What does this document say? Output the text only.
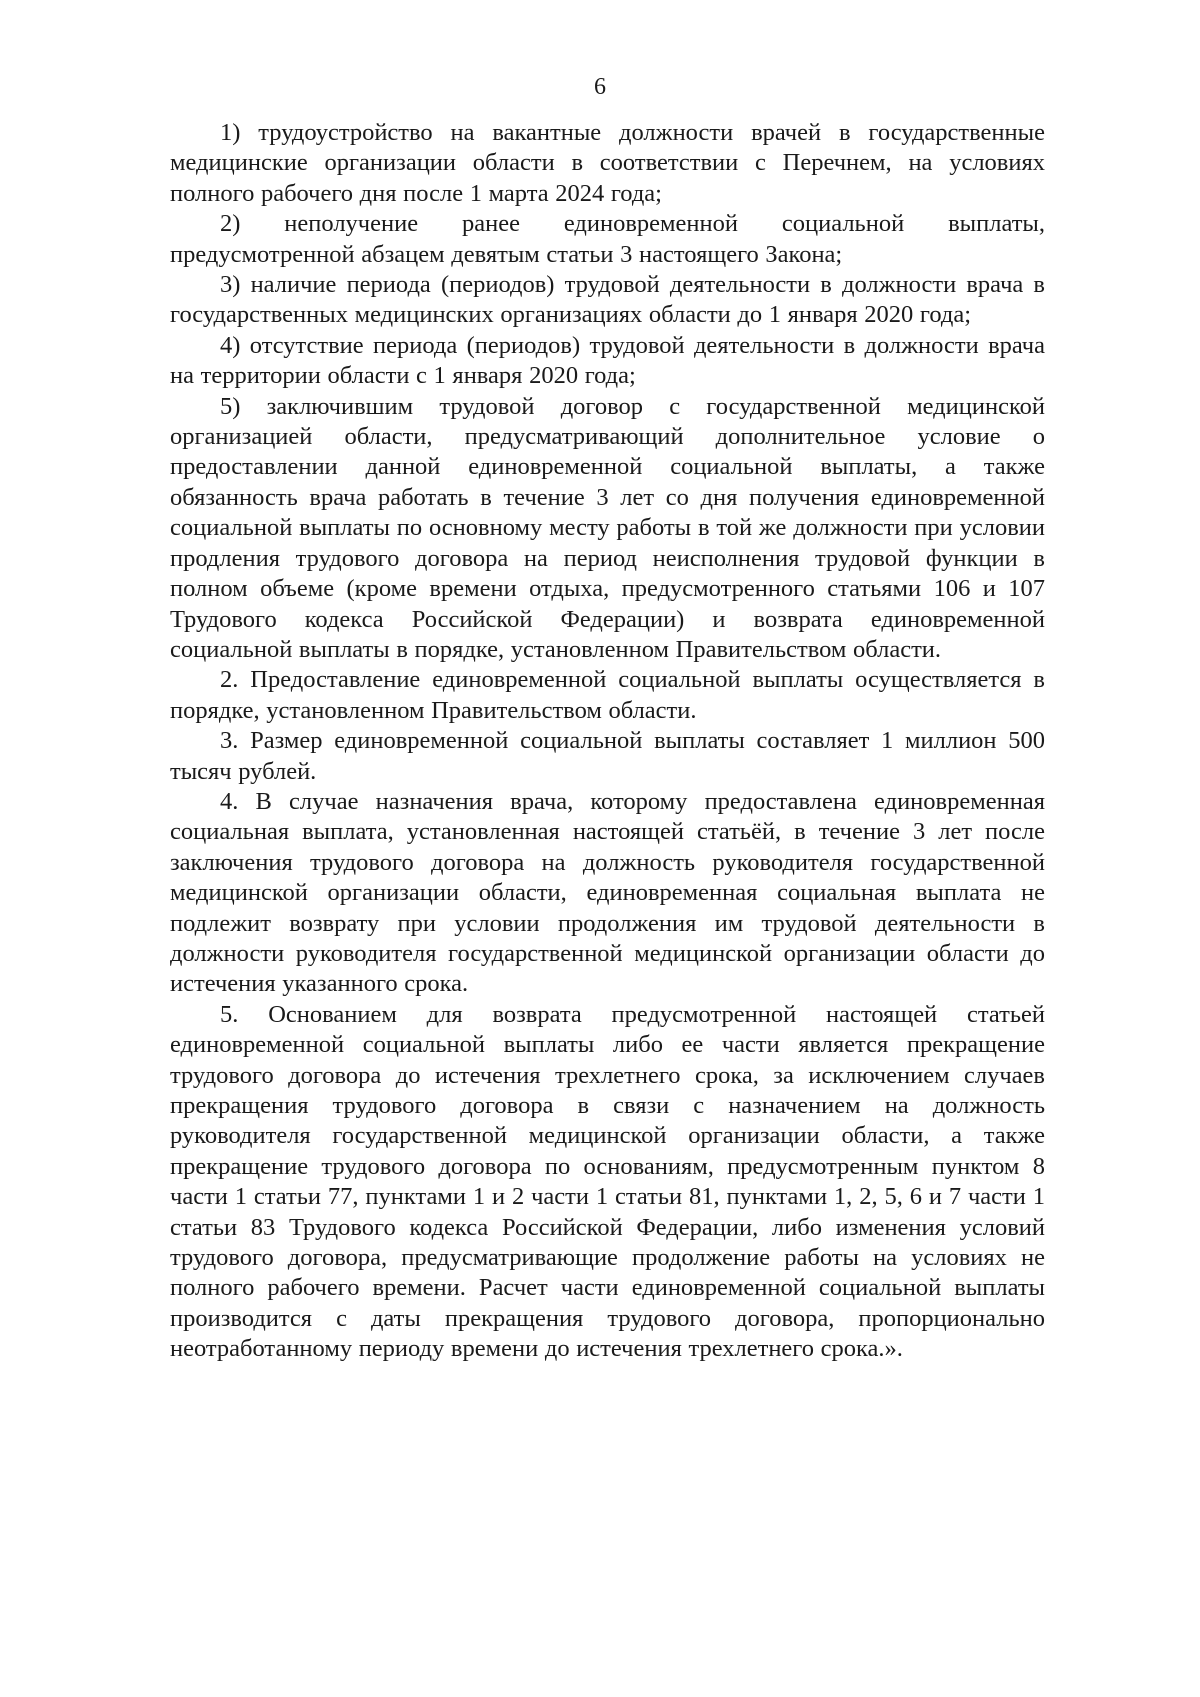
6

1) трудоустройство на вакантные должности врачей в государственные медицинские организации области в соответствии с Перечнем, на условиях полного рабочего дня после 1 марта 2024 года;

2) неполучение ранее единовременной социальной выплаты, предусмотренной абзацем девятым статьи 3 настоящего Закона;

3) наличие периода (периодов) трудовой деятельности в должности врача в государственных медицинских организациях области до 1 января 2020 года;

4) отсутствие периода (периодов) трудовой деятельности в должности врача на территории области с 1 января 2020 года;

5) заключившим трудовой договор с государственной медицинской организацией области, предусматривающий дополнительное условие о предоставлении данной единовременной социальной выплаты, а также обязанность врача работать в течение 3 лет со дня получения единовременной социальной выплаты по основному месту работы в той же должности при условии продления трудового договора на период неисполнения трудовой функции в полном объеме (кроме времени отдыха, предусмотренного статьями 106 и 107 Трудового кодекса Российской Федерации) и возврата единовременной социальной выплаты в порядке, установленном Правительством области.

2. Предоставление единовременной социальной выплаты осуществляется в порядке, установленном Правительством области.

3. Размер единовременной социальной выплаты составляет 1 миллион 500 тысяч рублей.

4. В случае назначения врача, которому предоставлена единовременная социальная выплата, установленная настоящей статьёй, в течение 3 лет после заключения трудового договора на должность руководителя государственной медицинской организации области, единовременная социальная выплата не подлежит возврату при условии продолжения им трудовой деятельности в должности руководителя государственной медицинской организации области до истечения указанного срока.

5. Основанием для возврата предусмотренной настоящей статьей единовременной социальной выплаты либо ее части является прекращение трудового договора до истечения трехлетнего срока, за исключением случаев прекращения трудового договора в связи с назначением на должность руководителя государственной медицинской организации области, а также прекращение трудового договора по основаниям, предусмотренным пунктом 8 части 1 статьи 77, пунктами 1 и 2 части 1 статьи 81, пунктами 1, 2, 5, 6 и 7 части 1 статьи 83 Трудового кодекса Российской Федерации, либо изменения условий трудового договора, предусматривающие продолжение работы на условиях не полного рабочего времени. Расчет части единовременной социальной выплаты производится с даты прекращения трудового договора, пропорционально неотработанному периоду времени до истечения трехлетнего срока.».
